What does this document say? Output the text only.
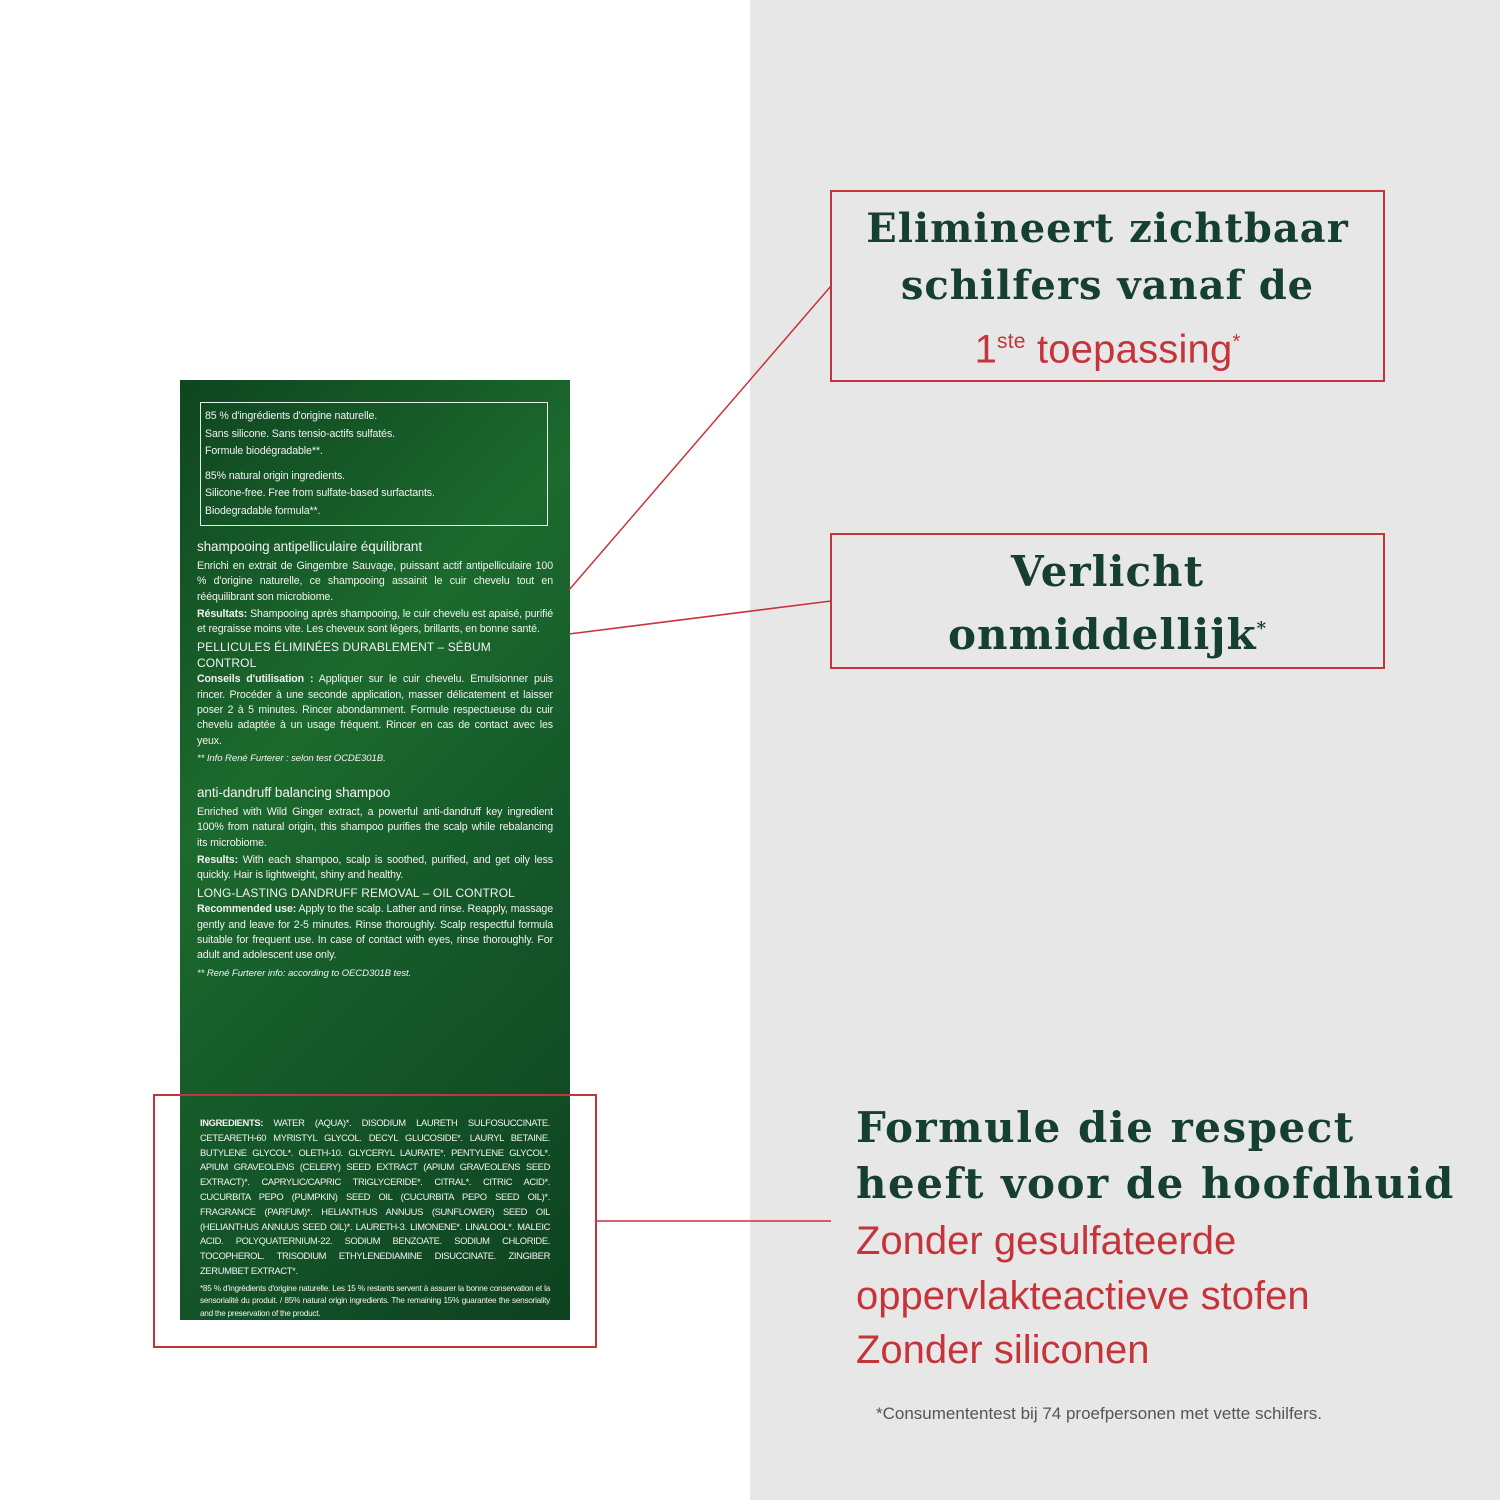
85 % d'ingrédients d'origine naturelle.
Sans silicone. Sans tensio-actifs sulfatés.
Formule biodégradable**.
85% natural origin ingredients.
Silicone-free. Free from sulfate-based surfactants.
Biodegradable formula**.
shampooing antipelliculaire équilibrant

Enrichi en extrait de Gingembre Sauvage, puissant actif antipelliculaire 100 % d'origine naturelle, ce shampooing assainit le cuir chevelu tout en rééquilibrant son microbiome.

Résultats: Shampooing après shampooing, le cuir chevelu est apaisé, purifié et regraisse moins vite. Les cheveux sont légers, brillants, en bonne santé.

PELLICULES ÉLIMINÉES DURABLEMENT – SÉBUM CONTROL

Conseils d'utilisation : Appliquer sur le cuir chevelu. Emulsionner puis rincer. Procéder à une seconde application, masser délicatement et laisser poser 2 à 5 minutes. Rincer abondamment. Formule respectueuse du cuir chevelu adaptée à un usage fréquent. Rincer en cas de contact avec les yeux.

** Info René Furterer : selon test OCDE301B.
anti-dandruff balancing shampoo

Enriched with Wild Ginger extract, a powerful anti-dandruff key ingredient 100% from natural origin, this shampoo purifies the scalp while rebalancing its microbiome.

Results: With each shampoo, scalp is soothed, purified, and get oily less quickly. Hair is lightweight, shiny and healthy.

LONG-LASTING DANDRUFF REMOVAL – OIL CONTROL

Recommended use: Apply to the scalp. Lather and rinse. Reapply, massage gently and leave for 2-5 minutes. Rinse thoroughly. Scalp respectful formula suitable for frequent use. In case of contact with eyes, rinse thoroughly. For adult and adolescent use only.

** René Furterer info: according to OECD301B test.
INGREDIENTS: WATER (AQUA)*. DISODIUM LAURETH SULFOSUCCINATE. CETEARETH-60 MYRISTYL GLYCOL. DECYL GLUCOSIDE*. LAURYL BETAINE. BUTYLENE GLYCOL*. OLETH-10. GLYCERYL LAURATE*. PENTYLENE GLYCOL*. APIUM GRAVEOLENS (CELERY) SEED EXTRACT (APIUM GRAVEOLENS SEED EXTRACT)*. CAPRYLIC/CAPRIC TRIGLYCERIDE*. CITRAL*. CITRIC ACID*. CUCURBITA PEPO (PUMPKIN) SEED OIL (CUCURBITA PEPO SEED OIL)*. FRAGRANCE (PARFUM)*. HELIANTHUS ANNUUS (SUNFLOWER) SEED OIL (HELIANTHUS ANNUUS SEED OIL)*. LAURETH-3. LIMONENE*. LINALOOL*. MALEIC ACID. POLYQUATERNIUM-22. SODIUM BENZOATE. SODIUM CHLORIDE. TOCOPHEROL. TRISODIUM ETHYLENEDIAMINE DISUCCINATE. ZINGIBER ZERUMBET EXTRACT*.
*85 % d'ingrédients d'origine naturelle. Les 15 % restants servent à assurer la bonne conservation et la sensorialité du produit. / 85% natural origin ingredients. The remaining 15% guarantee the sensoriality and the preservation of the product.
Elimineert zichtbaar
schilfers vanaf de
1ste toepassing*
Verlicht
onmiddellijk*
Formule die respect heeft voor de hoofdhuid
Zonder gesulfateerde
oppervlakteactieve stofen
Zonder siliconen
*Consumententest bij 74 proefpersonen met vette schilfers.
